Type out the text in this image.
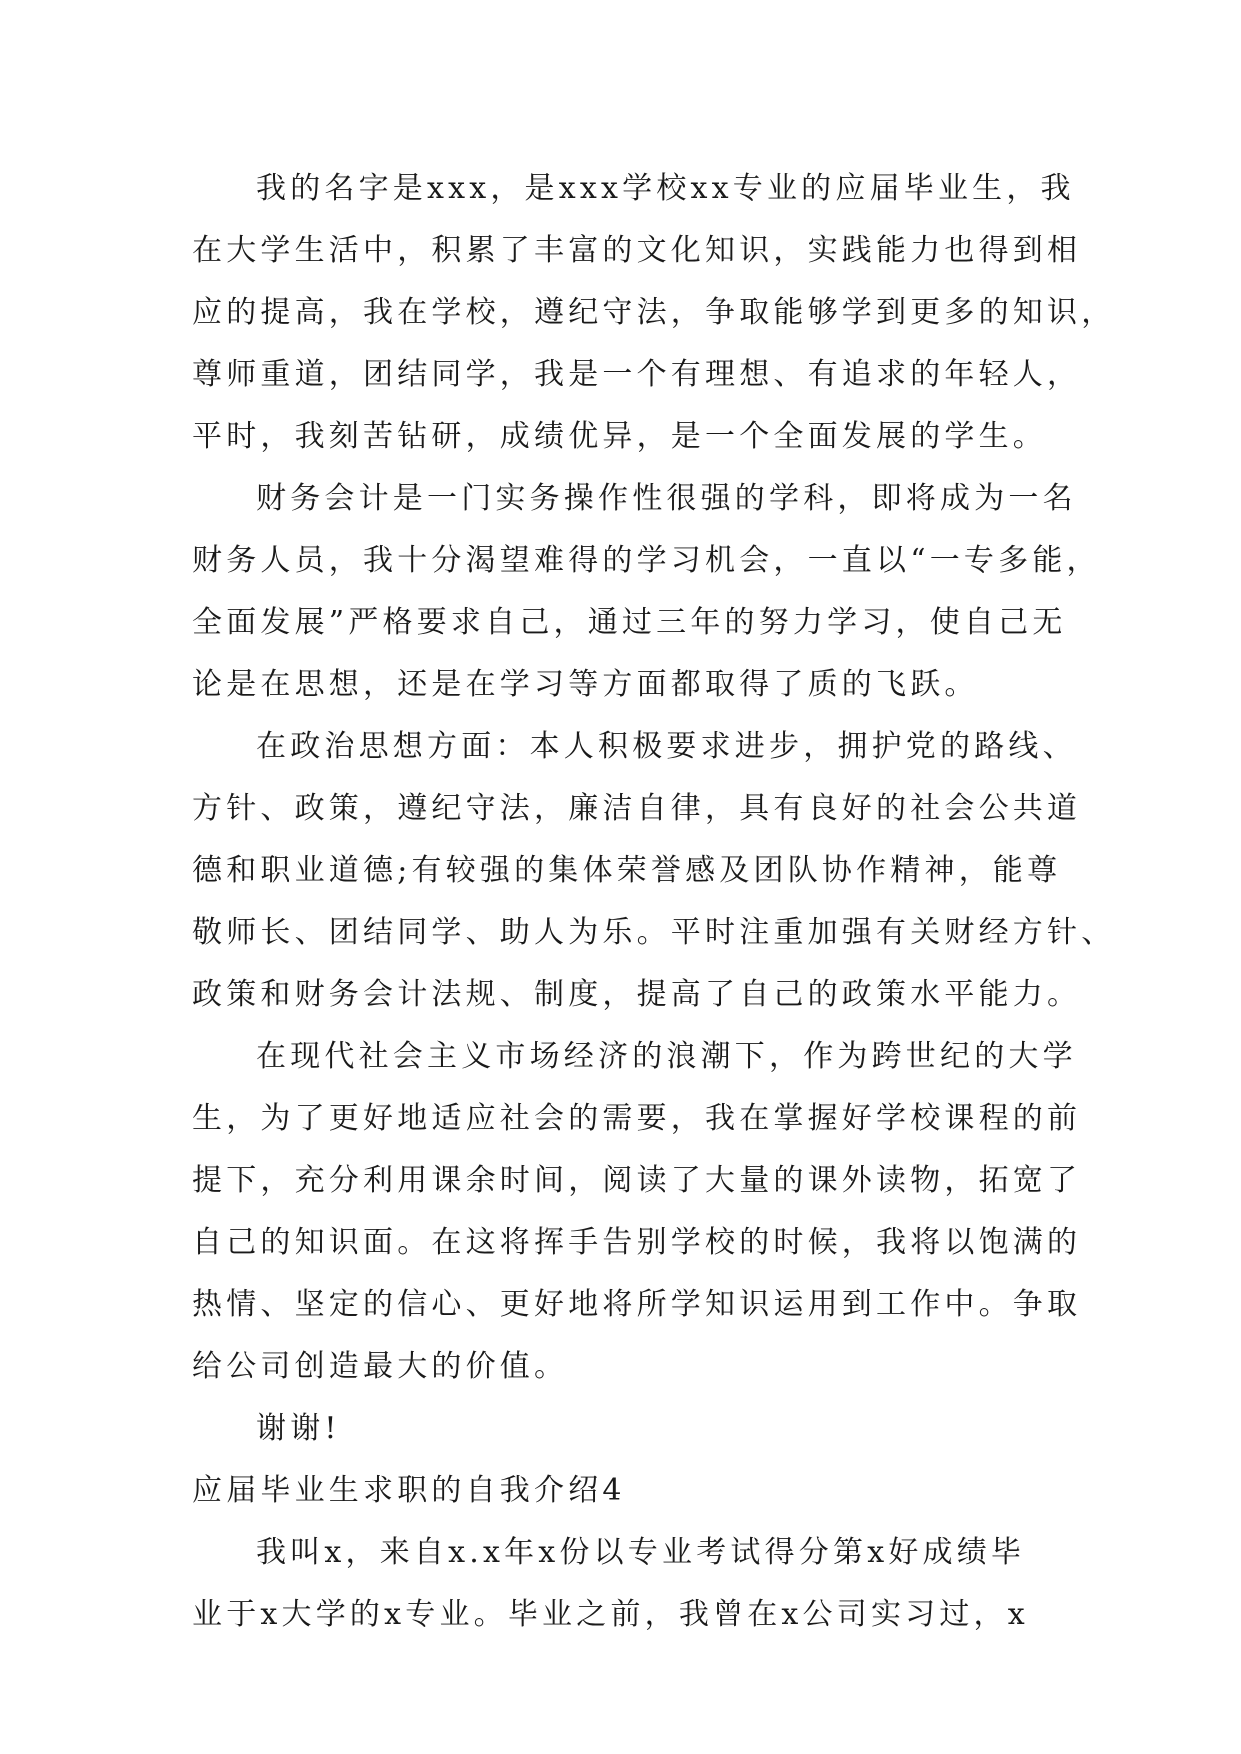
我的名字是xxx，是xxx学校xx专业的应届毕业生，我
在大学生活中，积累了丰富的文化知识，实践能力也得到相
应的提高，我在学校，遵纪守法，争取能够学到更多的知识，
尊师重道，团结同学，我是一个有理想、有追求的年轻人，
平时，我刻苦钻研，成绩优异，是一个全面发展的学生。

财务会计是一门实务操作性很强的学科，即将成为一名
财务人员，我十分渴望难得的学习机会，一直以“一专多能，
全面发展”严格要求自己，通过三年的努力学习，使自己无
论是在思想，还是在学习等方面都取得了质的飞跃。

在政治思想方面：本人积极要求进步，拥护党的路线、
方针、政策，遵纪守法，廉洁自律，具有良好的社会公共道
德和职业道德;有较强的集体荣誉感及团队协作精神，能尊
敬师长、团结同学、助人为乐。平时注重加强有关财经方针、
政策和财务会计法规、制度，提高了自己的政策水平能力。

在现代社会主义市场经济的浪潮下，作为跨世纪的大学
生，为了更好地适应社会的需要，我在掌握好学校课程的前
提下，充分利用课余时间，阅读了大量的课外读物，拓宽了
自己的知识面。在这将挥手告别学校的时候，我将以饱满的
热情、坚定的信心、更好地将所学知识运用到工作中。争取
给公司创造最大的价值。

谢谢!

应届毕业生求职的自我介绍4

我叫x，来自x.x年x份以专业考试得分第x好成绩毕
业于x大学的x专业。毕业之前，我曾在x公司实习过，x
